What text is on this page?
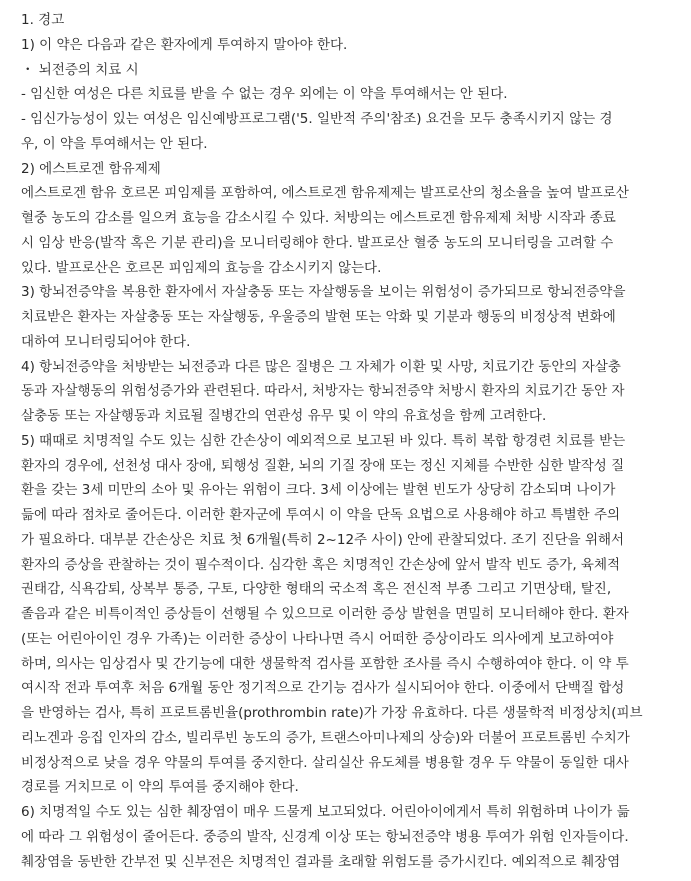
1. 경고
1) 이 약은 다음과 같은 환자에게 투여하지 말아야 한다.
・ 뇌전증의 치료 시
- 임신한 여성은 다른 치료를 받을 수 없는 경우 외에는 이 약을 투여해서는 안 된다.
- 임신가능성이 있는 여성은 임신예방프로그램('5. 일반적 주의'참조) 요건을 모두 충족시키지 않는 경
우, 이 약을 투여해서는 안 된다.
2) 에스트로겐 함유제제
에스트로겐 함유 호르몬 피임제를 포함하여, 에스트로겐 함유제제는 발프로산의 청소율을 높여 발프로산
혈중 농도의 감소를 일으켜 효능을 감소시킬 수 있다. 처방의는 에스트로겐 함유제제 처방 시작과 종료
시 임상 반응(발작 혹은 기분 관리)을 모니터링해야 한다. 발프로산 혈중 농도의 모니터링을 고려할 수
있다. 발프로산은 호르몬 피임제의 효능을 감소시키지 않는다.
3) 항뇌전증약을 복용한 환자에서 자살충동 또는 자살행동을 보이는 위험성이 증가되므로 항뇌전증약을
치료받은 환자는 자살충동 또는 자살행동, 우울증의 발현 또는 악화 및 기분과 행동의 비정상적 변화에
대하여 모니터링되어야 한다.
4) 항뇌전증약을 처방받는 뇌전증과 다른 많은 질병은 그 자체가 이환 및 사망, 치료기간 동안의 자살충
동과 자살행동의 위험성증가와 관련된다. 따라서, 처방자는 항뇌전증약 처방시 환자의 치료기간 동안 자
살충동 또는 자살행동과 치료될 질병간의 연관성 유무 및 이 약의 유효성을 함께 고려한다.
5) 때때로 치명적일 수도 있는 심한 간손상이 예외적으로 보고된 바 있다. 특히 복합 항경련 치료를 받는
환자의 경우에, 선천성 대사 장애, 퇴행성 질환, 뇌의 기질 장애 또는 정신 지체를 수반한 심한 발작성 질
환을 갖는 3세 미만의 소아 및 유아는 위험이 크다. 3세 이상에는 발현 빈도가 상당히 감소되며 나이가
듦에 따라 점차로 줄어든다. 이러한 환자군에 투여시 이 약을 단독 요법으로 사용해야 하고 특별한 주의
가 필요하다. 대부분 간손상은 치료 첫 6개월(특히 2~12주 사이) 안에 관찰되었다. 조기 진단을 위해서
환자의 증상을 관찰하는 것이 필수적이다. 심각한 혹은 치명적인 간손상에 앞서 발작 빈도 증가, 육체적
권태감, 식욕감퇴, 상복부 통증, 구토, 다양한 형태의 국소적 혹은 전신적 부종 그리고 기면상태, 탈진,
졸음과 같은 비특이적인 증상들이 선행될 수 있으므로 이러한 증상 발현을 면밀히 모니터해야 한다. 환자
(또는 어린아이인 경우 가족)는 이러한 증상이 나타나면 즉시 어떠한 증상이라도 의사에게 보고하여야
하며, 의사는 임상검사 및 간기능에 대한 생물학적 검사를 포함한 조사를 즉시 수행하여야 한다. 이 약 투
여시작 전과 투여후 처음 6개월 동안 정기적으로 간기능 검사가 실시되어야 한다. 이중에서 단백질 합성
을 반영하는 검사, 특히 프로트롬빈율(prothrombin rate)가 가장 유효하다. 다른 생물학적 비정상치(피브
리노겐과 응집 인자의 감소, 빌리루빈 농도의 증가, 트랜스아미나제의 상승)와 더불어 프로트롬빈 수치가
비정상적으로 낮을 경우 약물의 투여를 중지한다. 살리실산 유도체를 병용할 경우 두 약물이 동일한 대사
경로를 거치므로 이 약의 투여를 중지해야 한다.
6) 치명적일 수도 있는 심한 췌장염이 매우 드물게 보고되었다. 어린아이에게서 특히 위험하며 나이가 듦
에 따라 그 위험성이 줄어든다. 중증의 발작, 신경계 이상 또는 항뇌전증약 병용 투여가 위험 인자들이다.
췌장염을 동반한 간부전 및 신부전은 치명적인 결과를 초래할 위험도를 증가시킨다. 예외적으로 췌장염
